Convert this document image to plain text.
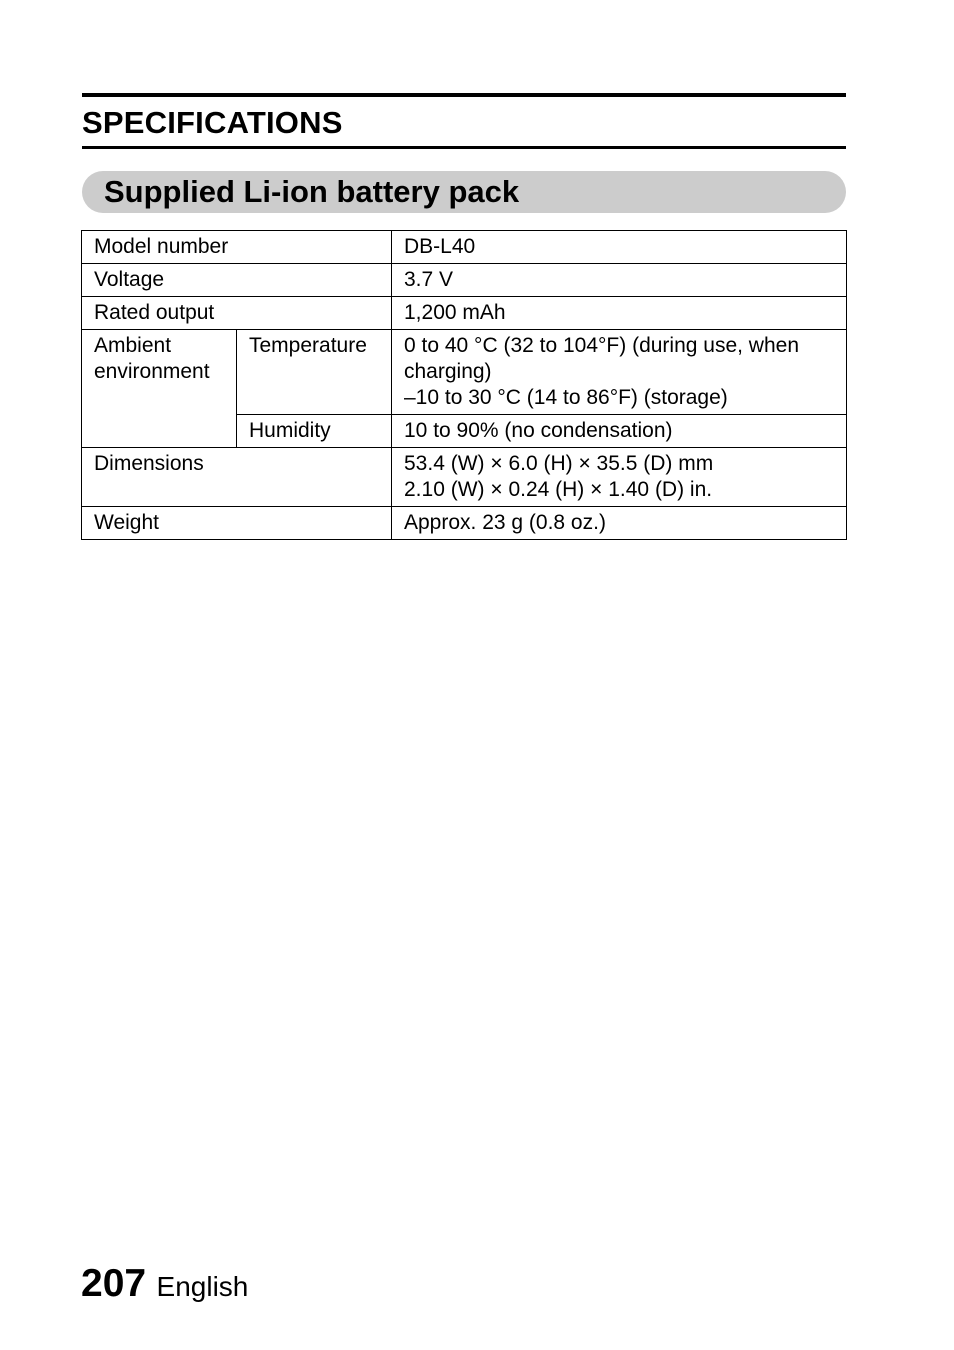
SPECIFICATIONS
Supplied Li-ion battery pack
Model number		DB-L40
Voltage		3.7 V
Rated output		1,200 mAh

Ambient
environment	Temperature	0 to 40 °C (32 to 104°F) (during use, when
charging)
–10 to 30 °C (14 to 86°F) (storage)

	Humidity	10 to 90% (no condensation)
Dimensions		53.4 (W) × 6.0 (H) × 35.5 (D) mm
2.10 (W) × 0.24 (H) × 1.40 (D) in.

Weight		Approx. 23 g (0.8 oz.)
207 English
